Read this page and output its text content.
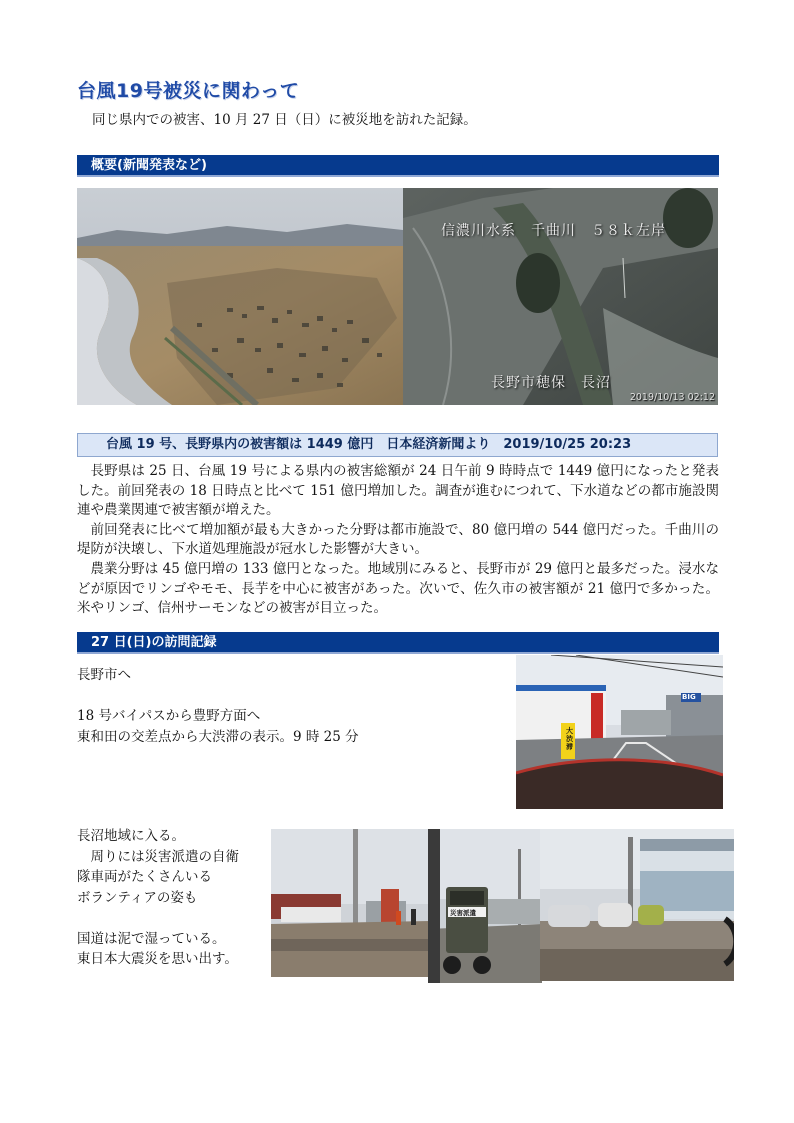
台風19号被災に関わって
同じ県内での被害、10 月 27 日（日）に被災地を訪れた記録。
概要(新聞発表など)
信濃川水系　千曲川　５８ｋ左岸
長野市穂保　長沼
2019/10/13 02:12
台風 19 号、長野県内の被害額は 1449 億円　日本経済新聞より　2019/10/25 20:23

長野県は 25 日、台風 19 号による県内の被害総額が 24 日午前 9 時時点で 1449 億円になったと発表した。前回発表の 18 日時点と比べて 151 億円増加した。調査が進むにつれて、下水道などの都市施設関連や農業関連で被害額が増えた。

前回発表に比べて増加額が最も大きかった分野は都市施設で、80 億円増の 544 億円だった。千曲川の堤防が決壊し、下水道処理施設が冠水した影響が大きい。

農業分野は 45 億円増の 133 億円となった。地域別にみると、長野市が 29 億円と最多だった。浸水などが原因でリンゴやモモ、長芋を中心に被害があった。次いで、佐久市の被害額が 21 億円で多かった。米やリンゴ、信州サーモンなどの被害が目立った。

27 日(日)の訪問記録
長野市へ
18 号バイパスから豊野方面へ
東和田の交差点から大渋滞の表示。9 時 25 分	大渋滞
BIG
長沼地域に入る。
　周りには災害派遣の自衛
隊車両がたくさんいる
ボランティアの姿も
国道は泥で湿っている。
東日本大震災を思い出す。
災害派遣
